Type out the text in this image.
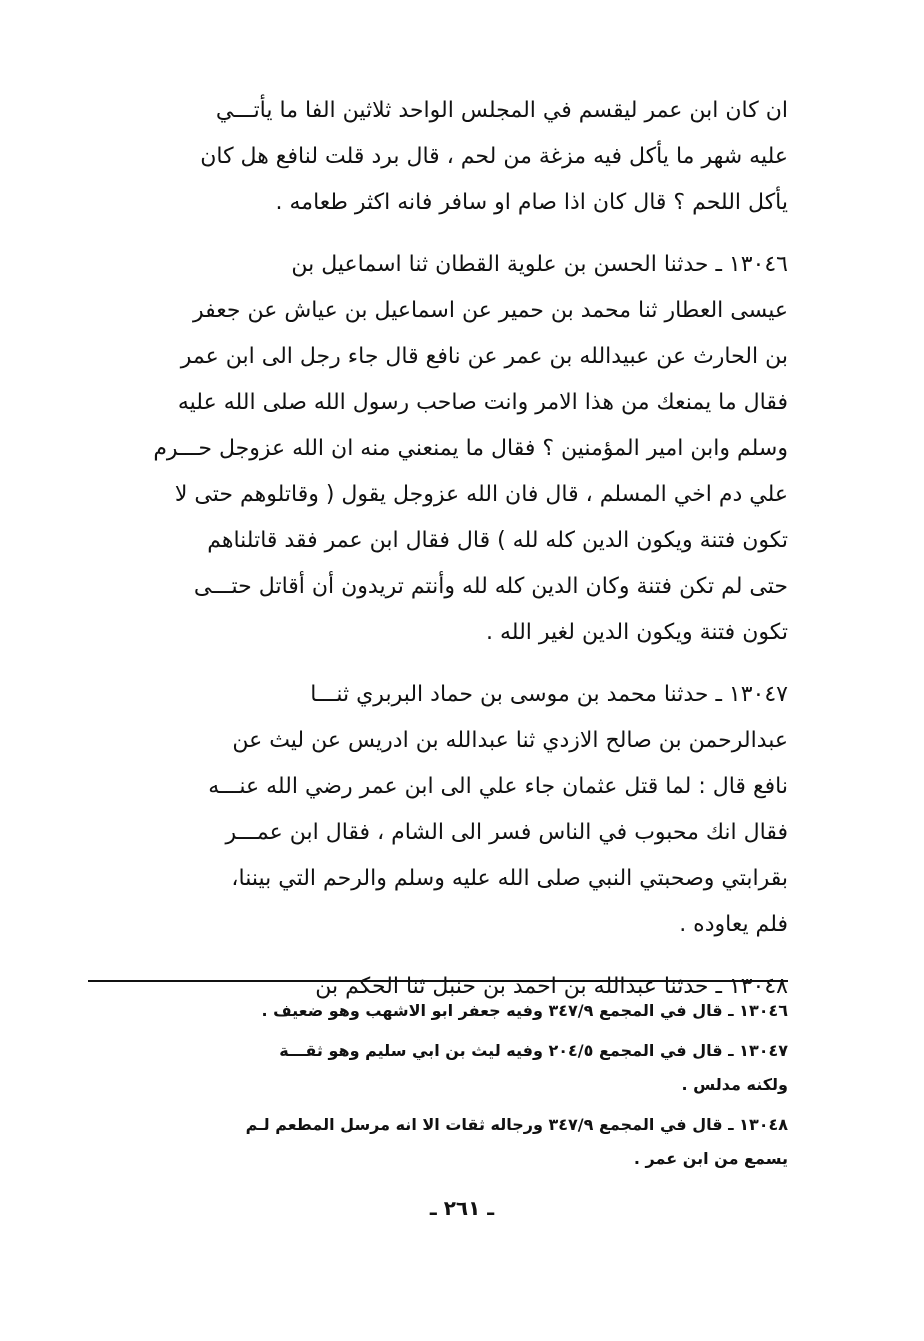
ان كان ابن عمر ليقسم في المجلس الواحد ثلاثين الفا ما يأتـــي
عليه شهر ما يأكل فيه مزغة من لحم ، قال برد قلت لنافع هل كان
يأكل اللحم ؟ قال كان اذا صام او سافر فانه اكثر طعامه .

١٣٠٤٦ ـ حدثنا الحسن بن علوية القطان ثنا اسماعيل بن
عيسى العطار ثنا محمد بن حمير عن اسماعيل بن عياش عن جعفر
بن الحارث عن عبيدالله بن عمر عن نافع قال جاء رجل الى ابن عمر
فقال ما يمنعك من هذا الامر وانت صاحب رسول الله صلى الله عليه
وسلم وابن امير المؤمنين ؟ فقال ما يمنعني منه ان الله عزوجل حـــرم
علي دم اخي المسلم ، قال فان الله عزوجل يقول ( وقاتلوهم حتى لا
تكون فتنة ويكون الدين كله لله ) قال فقال ابن عمر فقد قاتلناهم
حتى لم تكن فتنة وكان الدين كله لله وأنتم تريدون أن أقاتل حتـــى
تكون فتنة ويكون الدين لغير الله .

١٣٠٤٧ ـ حدثنا محمد بن موسى بن حماد البربري ثنـــا
عبدالرحمن بن صالح الازدي ثنا عبدالله بن ادريس عن ليث عن
نافع قال : لما قتل عثمان جاء علي الى ابن عمر رضي الله عنـــه
فقال انك محبوب في الناس فسر الى الشام ، فقال ابن عمـــر
بقرابتي وصحبتي النبي صلى الله عليه وسلم والرحم التي بيننا،
فلم يعاوده .

١٣٠٤٨ ـ حدثنا عبدالله بن احمد بن حنبل ثنا الحكم بن

١٣٠٤٦ ـ قال في المجمع ٣٤٧/٩ وفيه جعفر ابو الاشهب وهو ضعيف .

١٣٠٤٧ ـ قال في المجمع ٢٠٤/٥ وفيه ليث بن ابي سليم وهو ثقـــة
ولكنه مدلس .

١٣٠٤٨ ـ قال في المجمع ٣٤٧/٩ ورجاله ثقات الا انه مرسل المطعم لـم
يسمع من ابن عمر .

ـ ٢٦١ ـ
